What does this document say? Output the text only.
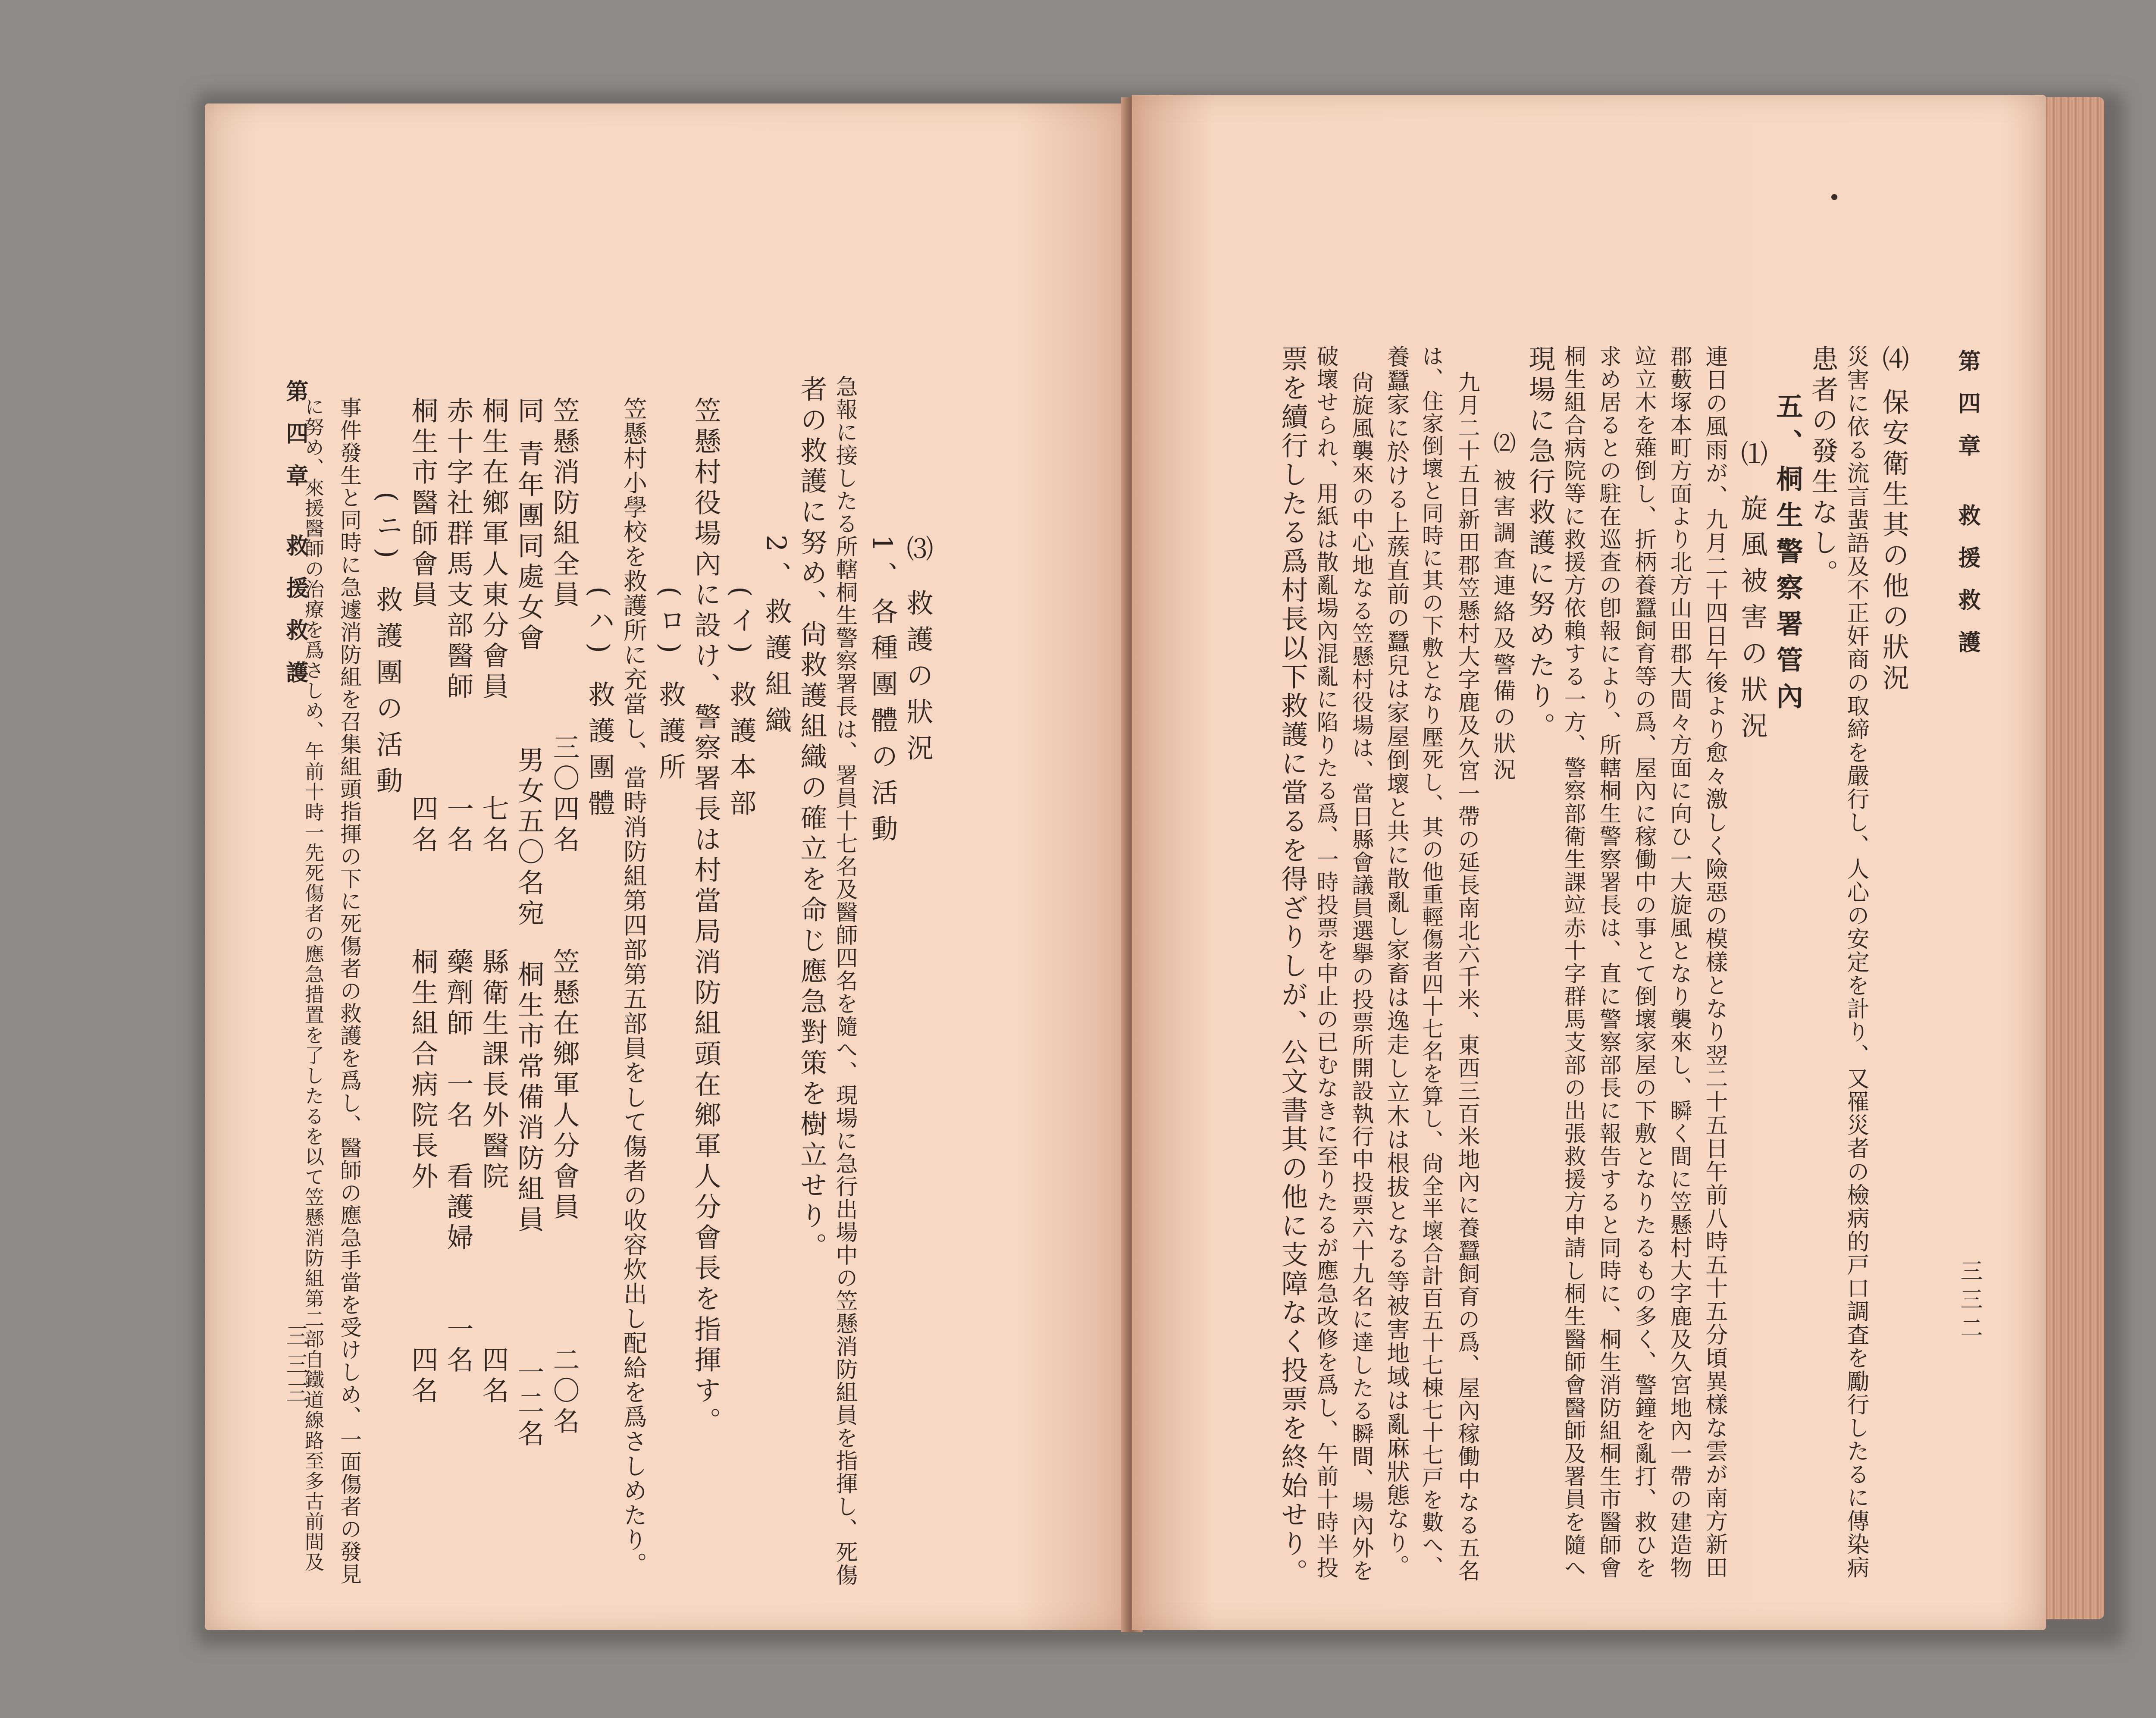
第四章 救援救護
三三三
に努め、來援醫師の治療を爲さしめ、午前十時一先死傷者の應急措置を了したるを以て笠懸消防組第二部自鐵道線路至多古前間及 事件發生と同時に急遽消防組を召集組頭指揮の下に死傷者の救護を爲し、醫師の應急手當を受けしめ、一面傷者の發見 (ニ) 救護團の活動 桐生市醫師會員　　　　　　四名　　　桐生組合病院長外　　　　　四名 赤十字社群馬支部醫師　　　一名　　　藥劑師　一名　看護婦　　一名 桐生在鄉軍人東分會員　　　七名　　　縣衛生課長外醫院　　　　　四名 同 青年團同處女會　　　男女五〇名宛　桐生市常備消防組員　　　　一二名 笠懸消防組全員　　　　三〇四名　　　笠懸在鄉軍人分會員　　　　二〇名 (ハ) 救護團體 笠懸村小學校を救護所に充當し、當時消防組第四部第五部員をして傷者の收容炊出し配給を爲さしめたり。 (ロ) 救護所 笠懸村役場內に設け、警察署長は村當局消防組頭在鄉軍人分會長を指揮す。 (イ) 救護本部 2、救護組織 者の救護に努め、尙救護組織の確立を命じ應急對策を樹立せり。 急報に接したる所轄桐生警察署長は、署員十七名及醫師四名を隨へ、現場に急行出場中の笠懸消防組員を指揮し、死傷 1、各種團體の活動 ⑶ 救護の狀況	第四章 救援救護
三三二
⑷ 保安衛生其の他の狀況
災害に依る流言蜚語及不正奸商の取締を嚴行し、人心の安定を計り、又罹災者の檢病的戸口調査を勵行したるに傳染病
患者の發生なし。
五、桐生警察署管內
⑴ 旋風被害の狀況
連日の風雨が、九月二十四日午後より愈々激しく險惡の模樣となり翌二十五日午前八時五十五分頃異樣な雲が南方新田
郡藪塚本町方面より北方山田郡大間々方面に向ひ一大旋風となり襲來し、瞬く間に笠懸村大字鹿及久宮地內一帶の建造物
竝立木を薙倒し、折柄養蠶飼育等の爲、屋內に稼働中の事とて倒壞家屋の下敷となりたるもの多く、警鐘を亂打、救ひを
求め居るとの駐在巡査の卽報により、所轄桐生警察署長は、直に警察部長に報告すると同時に、桐生消防組桐生市醫師會
桐生組合病院等に救援方依賴する一方、警察部衛生課竝赤十字群馬支部の出張救援方申請し桐生醫師會醫師及署員を隨へ
現場に急行救護に努めたり。
⑵ 被害調査連絡及警備の狀況
九月二十五日新田郡笠懸村大字鹿及久宮一帶の延長南北六千米、東西三百米地內に養蠶飼育の爲、屋內稼働中なる五名
は、住家倒壞と同時に其の下敷となり壓死し、其の他重輕傷者四十七名を算し、尙全半壞合計百五十七棟七十七戸を數へ、
養蠶家に於ける上蔟直前の蠶兒は家屋倒壞と共に散亂し家畜は逸走し立木は根拔となる等被害地域は亂麻狀態なり。
尙旋風襲來の中心地なる笠懸村役場は、當日縣會議員選擧の投票所開設執行中投票六十九名に達したる瞬間、場內外を
破壞せられ、用紙は散亂場內混亂に陷りたる爲、一時投票を中止の已むなきに至りたるが應急改修を爲し、午前十時半投
票を續行したる爲村長以下救護に當るを得ざりしが、公文書其の他に支障なく投票を終始せり。
